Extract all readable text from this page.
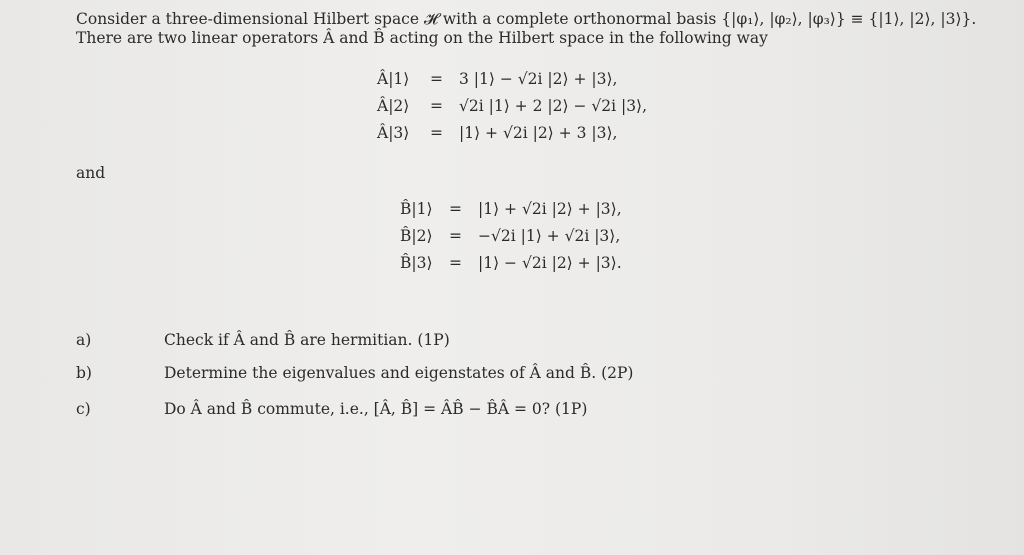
Consider a three-dimensional Hilbert space 𝓗 with a complete orthonormal basis {|φ₁⟩, |φ₂⟩, |φ₃⟩} ≡ {|1⟩, |2⟩, |3⟩}.
There are two linear operators Â and B̂ acting on the Hilbert space in the following way
Â|1⟩ = 3 |1⟩ − √2i |2⟩ + |3⟩,
Â|2⟩ = √2i |1⟩ + 2 |2⟩ − √2i |3⟩,
Â|3⟩ = |1⟩ + √2i |2⟩ + 3 |3⟩,
and
B̂|1⟩ = |1⟩ + √2i |2⟩ + |3⟩,
B̂|2⟩ = −√2i |1⟩ + √2i |3⟩,
B̂|3⟩ = |1⟩ − √2i |2⟩ + |3⟩.
a)	Check if Â and B̂ are hermitian. (1P)
b)	Determine the eigenvalues and eigenstates of Â and B̂. (2P)
c)	Do Â and B̂ commute, i.e., [Â, B̂] = ÂB̂ − B̂Â = 0? (1P)
